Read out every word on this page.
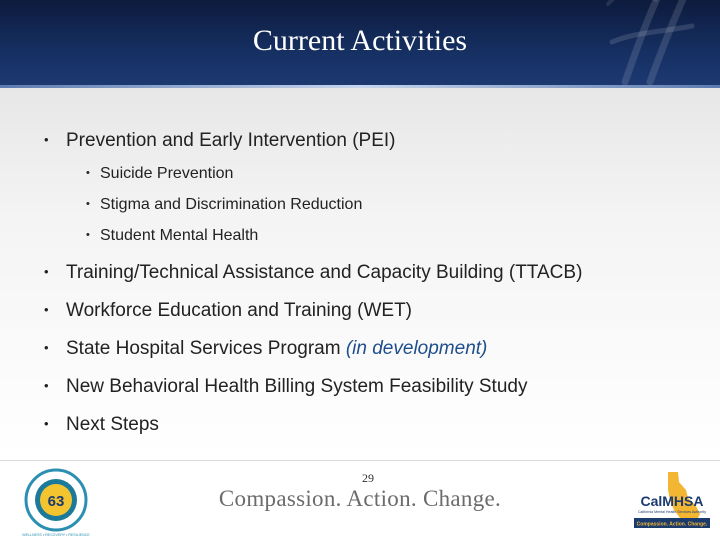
Current Activities
• Prevention and Early Intervention (PEI)
• Suicide Prevention
• Stigma and Discrimination Reduction
• Student Mental Health
• Training/Technical Assistance and Capacity Building (TTACB)
• Workforce Education and Training (WET)
• State Hospital Services Program (in development)
• New Behavioral Health Billing System Feasibility Study
• Next Steps
63
WELLNESS • RECOVERY • RESILIENCE
29
Compassion. Action. Change.	CalMHSA
California Mental Health Services Authority
Compassion. Action. Change.
